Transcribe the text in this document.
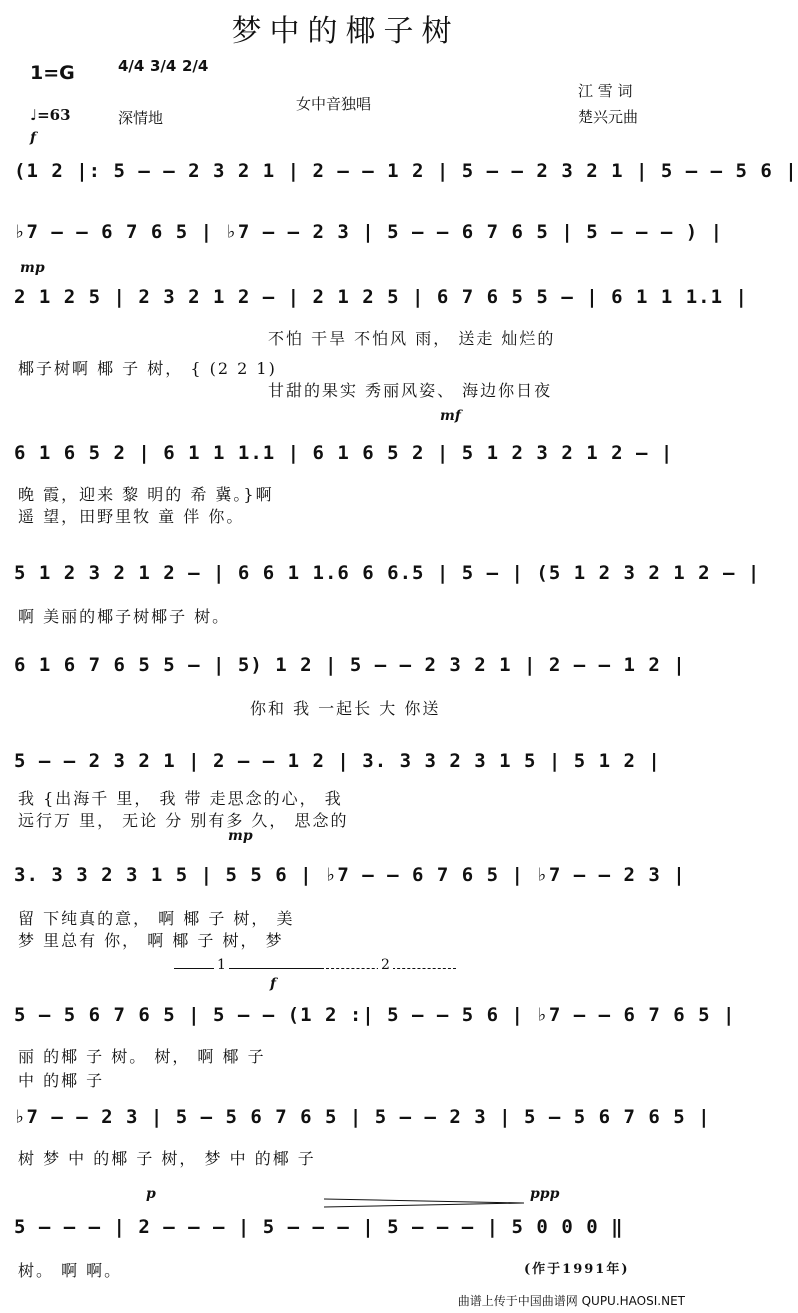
梦中的椰子树
1=G	4/4 3/4 2/4
♩=63	深情地
女中音独唱
江 雪 词
楚兴元曲
f
(1 2 |: 5 — — 2 3 2 1 | 2 — — 1 2 | 5 — — 2 3 2 1 | 5 — — 5 6 |
♭7 — — 6 7 6 5 | ♭7 — — 2 3 | 5 — — 6 7 6 5 | 5 — — — ) |
mp
2 1 2 5 | 2 3 2 1 2 — | 2 1 2 5 | 6 7 6 5 5 — | 6 1 1 1.1 |
不怕 干旱 不怕风 雨， 送走 灿烂的
椰子树啊 椰 子 树， { (2 2 1)
甘甜的果实 秀丽风姿、 海边你日夜
mf
6 1 6 5 2 | 6 1 1 1.1 | 6 1 6 5 2 | 5 1 2 3 2 1 2 — |
晚 霞，迎来 黎 明的 希 冀。}啊
遥 望，田野里牧 童 伴 你。
5 1 2 3 2 1 2 — | 6 6 1 1.6 6 6.5 | 5 — | (5 1 2 3 2 1 2 — |
啊 美丽的椰子树椰子 树。
6 1 6 7 6 5 5 — | 5) 1 2 | 5 — — 2 3 2 1 | 2 — — 1 2 |
你和 我 一起长 大 你送
5 — — 2 3 2 1 | 2 — — 1 2 | 3. 3 3 2 3 1 5 | 5 1 2 |
我 {出海千 里， 我 带 走思念的心， 我
远行万 里， 无论 分 别有多 久， 思念的
mp
3. 3 3 2 3 1 5 | 5 5 6 | ♭7 — — 6 7 6 5 | ♭7 — — 2 3 |
留 下纯真的意， 啊 椰 子 树， 美
梦 里总有 你， 啊 椰 子 树， 梦
1	2
f
5 — 5 6 7 6 5 | 5 — — (1 2 :| 5 — — 5 6 | ♭7 — — 6 7 6 5 |
丽 的椰 子 树。 树， 啊 椰 子
中 的椰 子
♭7 — — 2 3 | 5 — 5 6 7 6 5 | 5 — — 2 3 | 5 — 5 6 7 6 5 |
树 梦 中 的椰 子 树， 梦 中 的椰 子
p	ppp
5 — — — | 2 — — — | 5 — — — | 5 — — — | 5 0 0 0 ‖
树。 啊 啊。	(作于1991年)
曲谱上传于中国曲谱网 QUPU.HAOSI.NET
